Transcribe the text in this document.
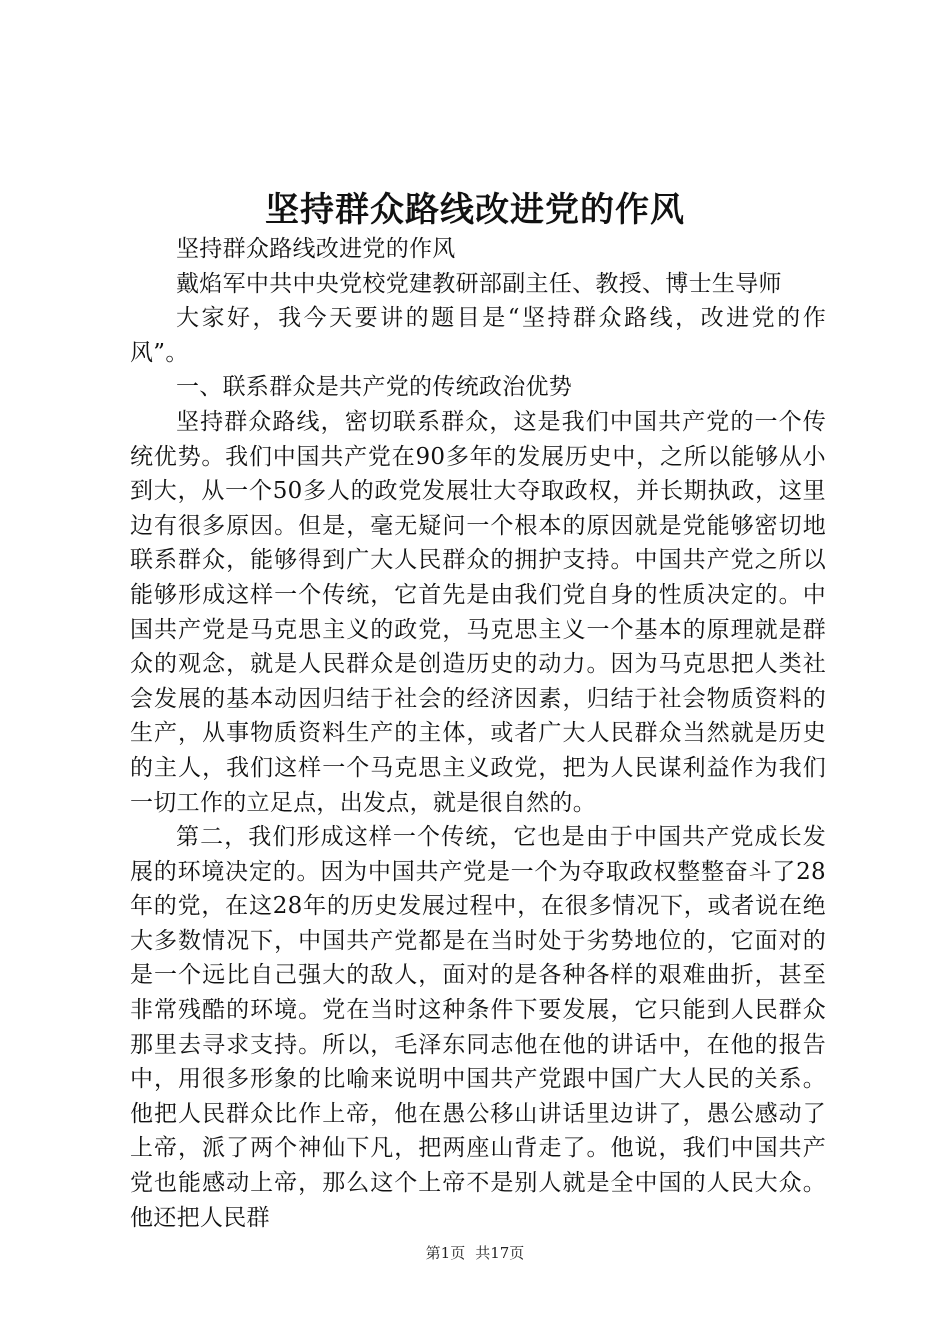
坚持群众路线改进党的作风

坚持群众路线改进党的作风

戴焰军中共中央党校党建教研部副主任、教授、博士生导师

大家好，我今天要讲的题目是“坚持群众路线，改进党的作风”。

一、联系群众是共产党的传统政治优势

坚持群众路线，密切联系群众，这是我们中国共产党的一个传统优势。我们中国共产党在90多年的发展历史中，之所以能够从小到大，从一个50多人的政党发展壮大夺取政权，并长期执政，这里边有很多原因。但是，毫无疑问一个根本的原因就是党能够密切地联系群众，能够得到广大人民群众的拥护支持。中国共产党之所以能够形成这样一个传统，它首先是由我们党自身的性质决定的。中国共产党是马克思主义的政党，马克思主义一个基本的原理就是群众的观念，就是人民群众是创造历史的动力。因为马克思把人类社会发展的基本动因归结于社会的经济因素，归结于社会物质资料的生产，从事物质资料生产的主体，或者广大人民群众当然就是历史的主人，我们这样一个马克思主义政党，把为人民谋利益作为我们一切工作的立足点，出发点，就是很自然的。

第二，我们形成这样一个传统，它也是由于中国共产党成长发展的环境决定的。因为中国共产党是一个为夺取政权整整奋斗了28年的党，在这28年的历史发展过程中，在很多情况下，或者说在绝大多数情况下，中国共产党都是在当时处于劣势地位的，它面对的是一个远比自己强大的敌人，面对的是各种各样的艰难曲折，甚至非常残酷的环境。党在当时这种条件下要发展，它只能到人民群众那里去寻求支持。所以，毛泽东同志他在他的讲话中，在他的报告中，用很多形象的比喻来说明中国共产党跟中国广大人民的关系。他把人民群众比作上帝，他在愚公移山讲话里边讲了，愚公感动了上帝，派了两个神仙下凡，把两座山背走了。他说，我们中国共产党也能感动上帝，那么这个上帝不是别人就是全中国的人民大众。他还把人民群

第1页 共17页
